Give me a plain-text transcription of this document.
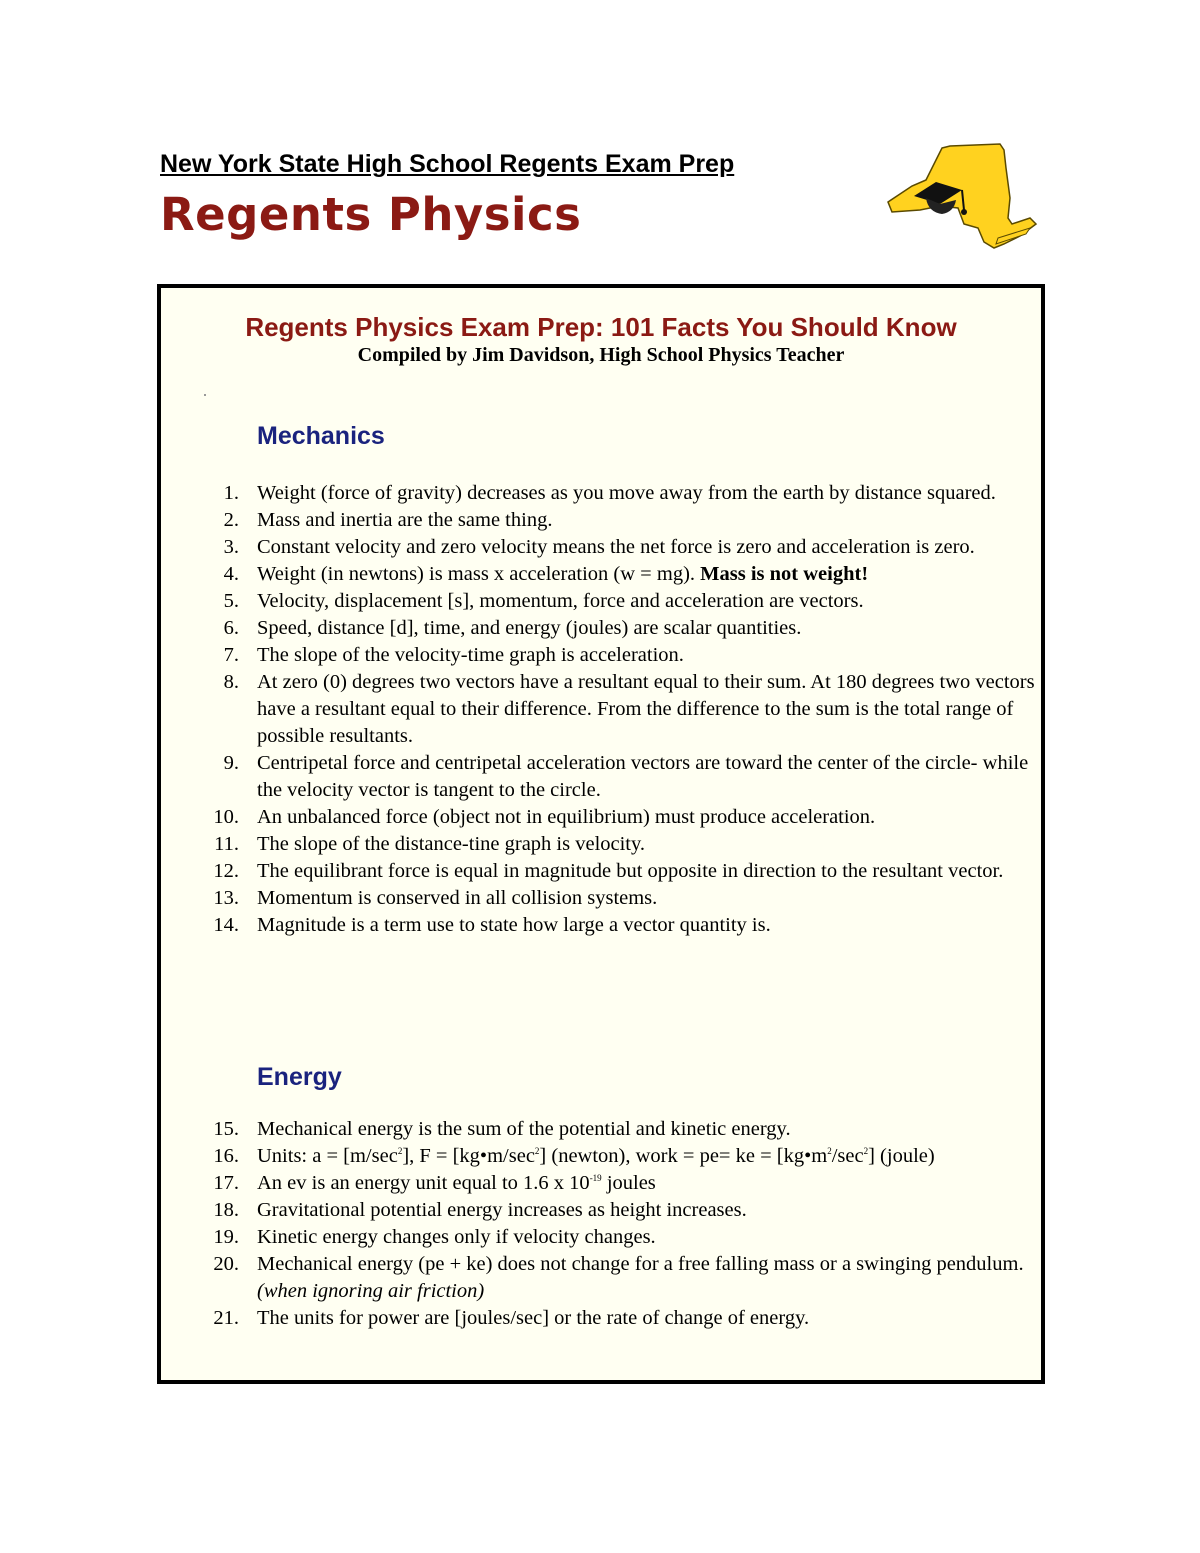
New York State High School Regents Exam Prep
Regents Physics
Regents Physics Exam Prep: 101 Facts You Should Know
Compiled by Jim Davidson, High School Physics Teacher
Mechanics
1. Weight (force of gravity) decreases as you move away from the earth by distance squared.
2. Mass and inertia are the same thing.
3. Constant velocity and zero velocity means the net force is zero and acceleration is zero.
4. Weight (in newtons) is mass x acceleration (w = mg). Mass is not weight!
5. Velocity, displacement [s], momentum, force and acceleration are vectors.
6. Speed, distance [d], time, and energy (joules) are scalar quantities.
7. The slope of the velocity-time graph is acceleration.
8. At zero (0) degrees two vectors have a resultant equal to their sum. At 180 degrees two vectors have a resultant equal to their difference. From the difference to the sum is the total range of possible resultants.
9. Centripetal force and centripetal acceleration vectors are toward the center of the circle- while the velocity vector is tangent to the circle.
10. An unbalanced force (object not in equilibrium) must produce acceleration.
11. The slope of the distance-tine graph is velocity.
12. The equilibrant force is equal in magnitude but opposite in direction to the resultant vector.
13. Momentum is conserved in all collision systems.
14. Magnitude is a term use to state how large a vector quantity is.
Energy
15. Mechanical energy is the sum of the potential and kinetic energy.
16. Units: $a = [m/\sec^2]$, $F = [kg•m/\sec^2]$ (newton), work = pe= ke = $[kg•m^2/\sec^2]$ (joule)
17. An ev is an energy unit equal to 1.6 x $10^{-19}$ joules
18. Gravitational potential energy increases as height increases.
19. Kinetic energy changes only if velocity changes.
20. Mechanical energy (pe + ke) does not change for a free falling mass or a swinging pendulum. (when ignoring air friction)
21. The units for power are [joules/sec] or the rate of change of energy.
